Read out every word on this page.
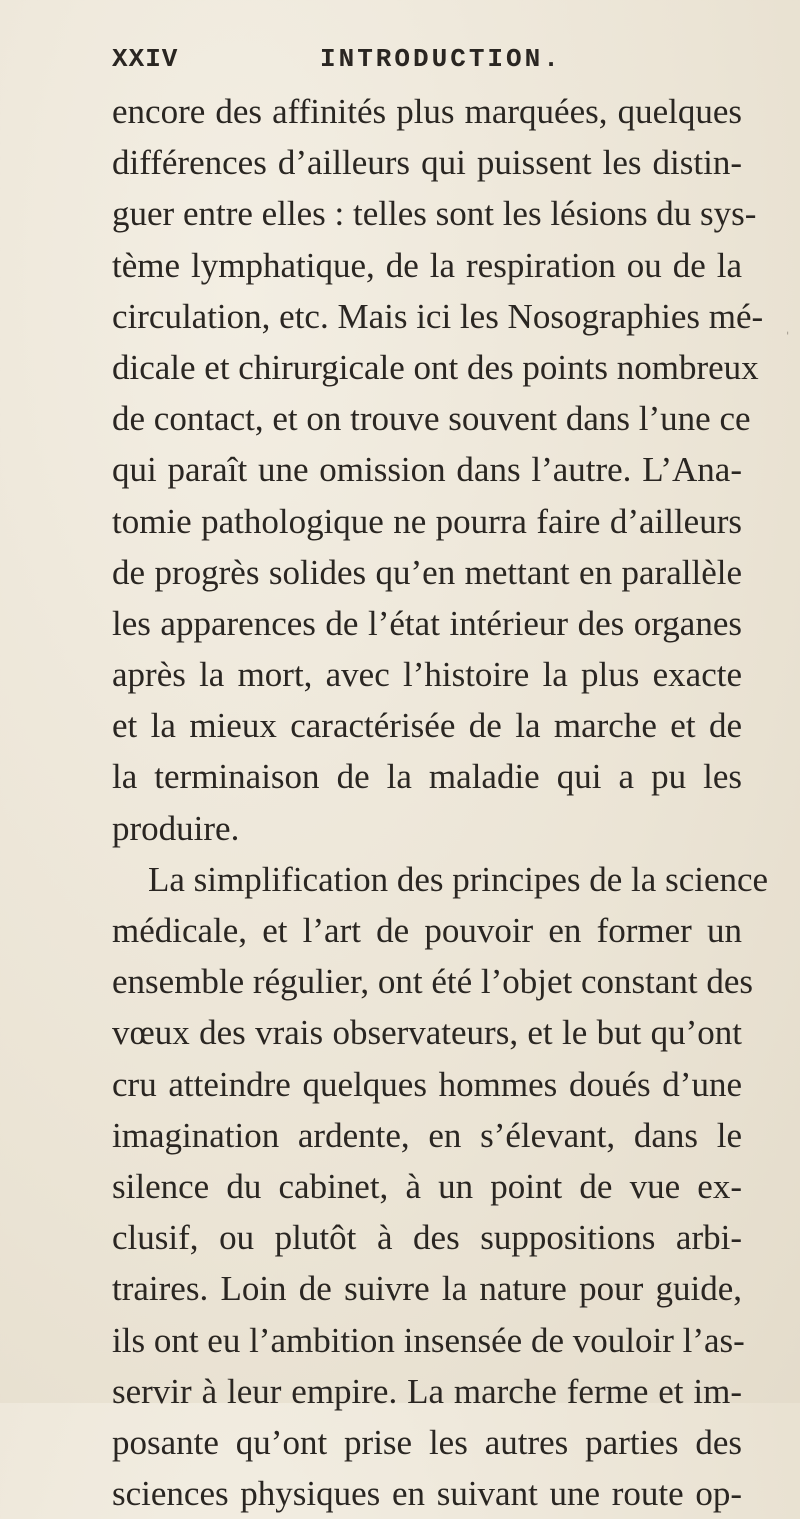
XXIV	INTRODUCTION.
encore des affinités plus marquées, quelques
différences d’ailleurs qui puissent les distin-
guer entre elles : telles sont les lésions du sys-
tème lymphatique, de la respiration ou de la
circulation, etc. Mais ici les Nosographies mé-
dicale et chirurgicale ont des points nombreux
de contact, et on trouve souvent dans l’une ce
qui paraît une omission dans l’autre. L’Ana-
tomie pathologique ne pourra faire d’ailleurs
de progrès solides qu’en mettant en parallèle
les apparences de l’état intérieur des organes
après la mort, avec l’histoire la plus exacte
et la mieux caractérisée de la marche et de
la terminaison de la maladie qui a pu les
produire.
La simplification des principes de la science
médicale, et l’art de pouvoir en former un
ensemble régulier, ont été l’objet constant des
vœux des vrais observateurs, et le but qu’ont
cru atteindre quelques hommes doués d’une
imagination ardente, en s’élevant, dans le
silence du cabinet, à un point de vue ex-
clusif, ou plutôt à des suppositions arbi-
traires. Loin de suivre la nature pour guide,
ils ont eu l’ambition insensée de vouloir l’as-
servir à leur empire. La marche ferme et im-
posante qu’ont prise les autres parties des
sciences physiques en suivant une route op-
ˈ
